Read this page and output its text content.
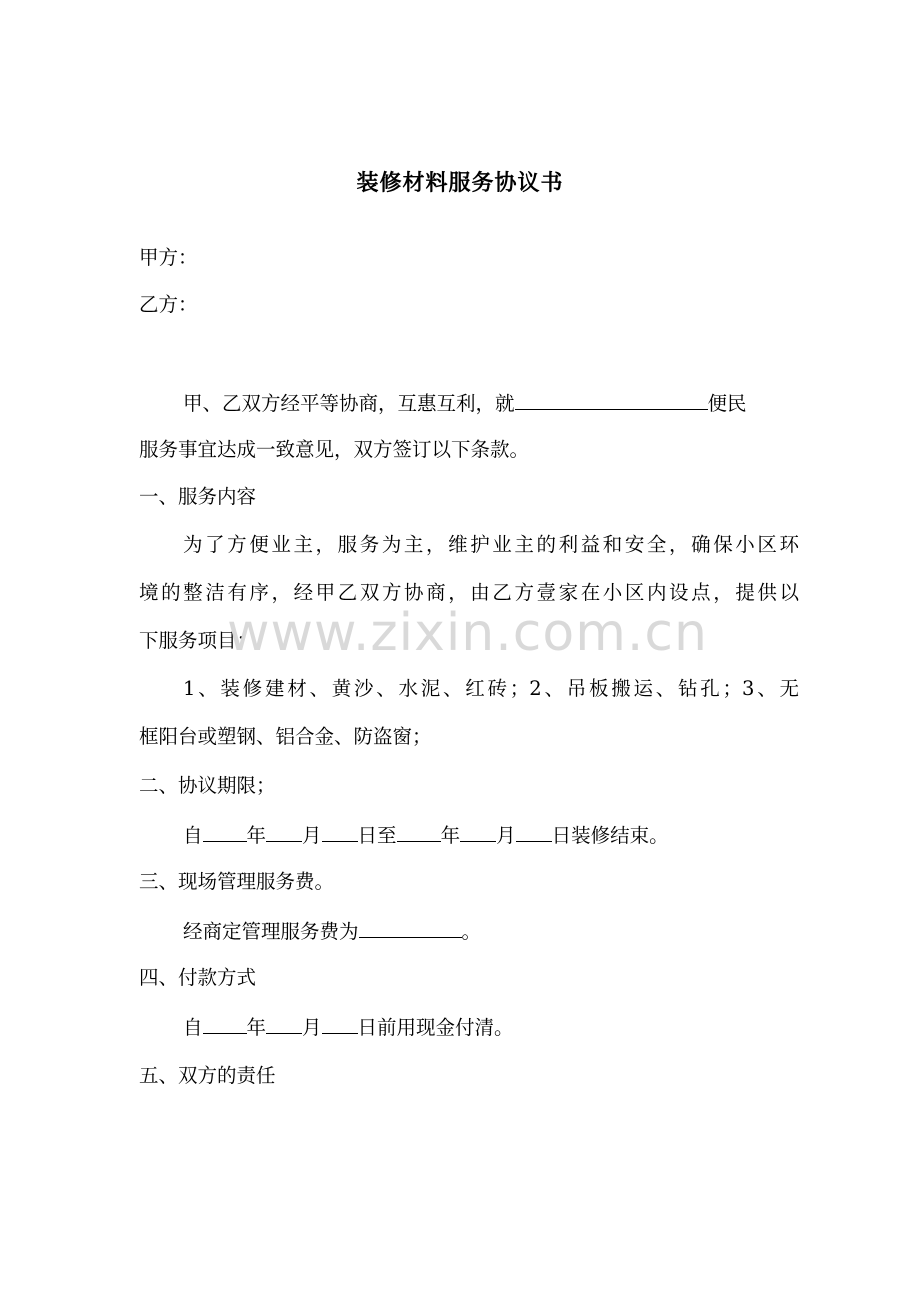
装修材料服务协议书

甲方：

乙方：

甲、乙双方经平等协商，互惠互利，就	便民

服务事宜达成一致意见，双方签订以下条款。

一、服务内容

为了方便业主，服务为主，维护业主的利益和安全，确保小区环

境的整洁有序，经甲乙双方协商，由乙方壹家在小区内设点，提供以

下服务项目；

1、装修建材、黄沙、水泥、红砖；2、吊板搬运、钻孔；3、无

框阳台或塑钢、铝合金、防盗窗；

二、协议期限；

自 年 月 日至 年 月 日装修结束。

三、现场管理服务费。

经商定管理服务费为	。

四、付款方式

自 年 月 日前用现金付清。

五、双方的责任

www.zixin.com.cn
